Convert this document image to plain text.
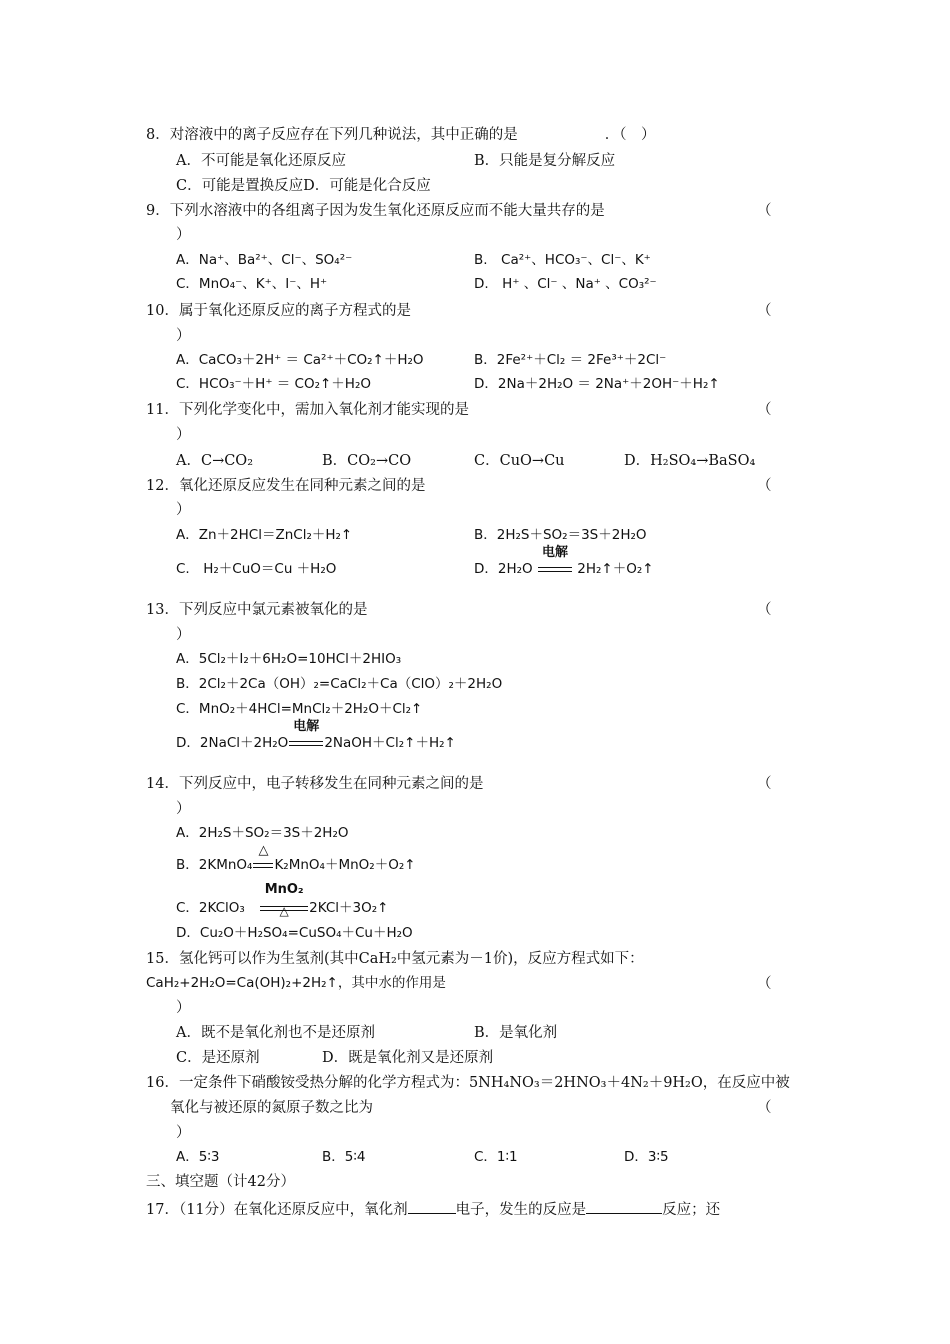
8．对溶液中的离子反应存在下列几种说法，其中正确的是　　　　　　．（　）
A．不可能是氧化还原反应	B．只能是复分解反应
C．可能是置换反应D．可能是化合反应
9．下列水溶液中的各组离子因为发生氧化还原反应而不能大量共存的是	（
）
A．Na⁺、Ba²⁺、Cl⁻、SO₄²⁻	B.　Ca²⁺、HCO₃⁻、Cl⁻、K⁺
C．MnO₄⁻、K⁺、I⁻、H⁺	D.　H⁺ 、Cl⁻ 、Na⁺ 、CO₃²⁻
10．属于氧化还原反应的离子方程式的是	（
）
A．CaCO₃＋2H⁺ ＝ Ca²⁺＋CO₂↑＋H₂O	B．2Fe²⁺＋Cl₂ ＝ 2Fe³⁺＋2Cl⁻
C．HCO₃⁻＋H⁺ ＝ CO₂↑＋H₂O	D．2Na＋2H₂O ＝ 2Na⁺＋2OH⁻＋H₂↑
11．下列化学变化中，需加入氧化剂才能实现的是	（
）
A．C→CO₂	B．CO₂→CO	C．CuO→Cu	D．H₂SO₄→BaSO₄
12．氧化还原反应发生在同种元素之间的是	（
）
A．Zn＋2HCl＝ZnCl₂＋H₂↑	B．2H₂S＋SO₂＝3S＋2H₂O
C.　H₂＋CuO＝Cu ＋H₂O	D．2H₂O
电解
2H₂↑＋O₂↑
13．下列反应中氯元素被氧化的是	（
）
A．5Cl₂＋I₂＋6H₂O=10HCl＋2HIO₃
B．2Cl₂＋2Ca（OH）₂=CaCl₂＋Ca（ClO）₂＋2H₂O
C．MnO₂＋4HCl=MnCl₂＋2H₂O＋Cl₂↑
D．2NaCl＋2H₂O
电解
2NaOH＋Cl₂↑＋H₂↑
14．下列反应中，电子转移发生在同种元素之间的是	（
）
A．2H₂S＋SO₂＝3S＋2H₂O
B．2KMnO₄
△
K₂MnO₄＋MnO₂＋O₂↑
C．2KClO₃
MnO₂
△	2KCl＋3O₂↑
D．Cu₂O＋H₂SO₄=CuSO₄＋Cu＋H₂O
15．氢化钙可以作为生氢剂(其中CaH₂中氢元素为－1价)，反应方程式如下：
CaH₂+2H₂O=Ca(OH)₂+2H₂↑，其中水的作用是	（
）
A．既不是氧化剂也不是还原剂	B．是氧化剂
C．是还原剂	D．既是氧化剂又是还原剂
16．一定条件下硝酸铵受热分解的化学方程式为：5NH₄NO₃＝2HNO₃＋4N₂＋9H₂O，在反应中被
氧化与被还原的氮原子数之比为	（
）
A．5∶3	B．5∶4	C．1∶1	D．3∶5
三、填空题（计42分）
17．（11分）在氧化还原反应中，氧化剂	电子，发生的反应是	反应；还
